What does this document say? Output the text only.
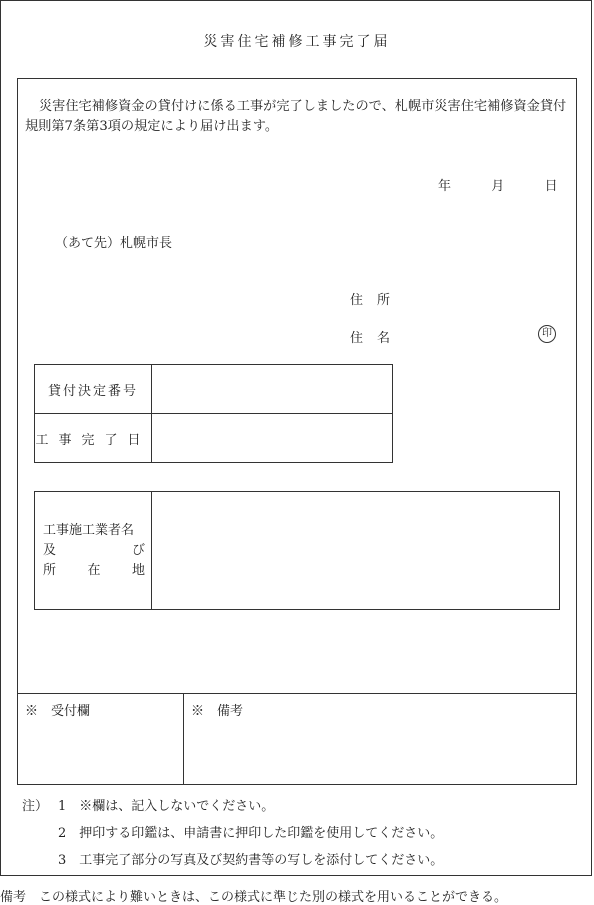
災害住宅補修工事完了届
災害住宅補修資金の貸付けに係る工事が完了しましたので、札幌市災害住宅補修資金貸付規則第7条第3項の規定により届け出ます。
年	月	日
（あて先）札幌市長
住所
住名	印
貸付決定番号	
工事完了日	
工事施工業者名
及	び
所 在 地

※　受付欄	※　備考
注） 1　※欄は、記入しないでください。
2　押印する印鑑は、申請書に押印した印鑑を使用してください。
3　工事完了部分の写真及び契約書等の写しを添付してください。
備考　この様式により難いときは、この様式に準じた別の様式を用いることができる。
